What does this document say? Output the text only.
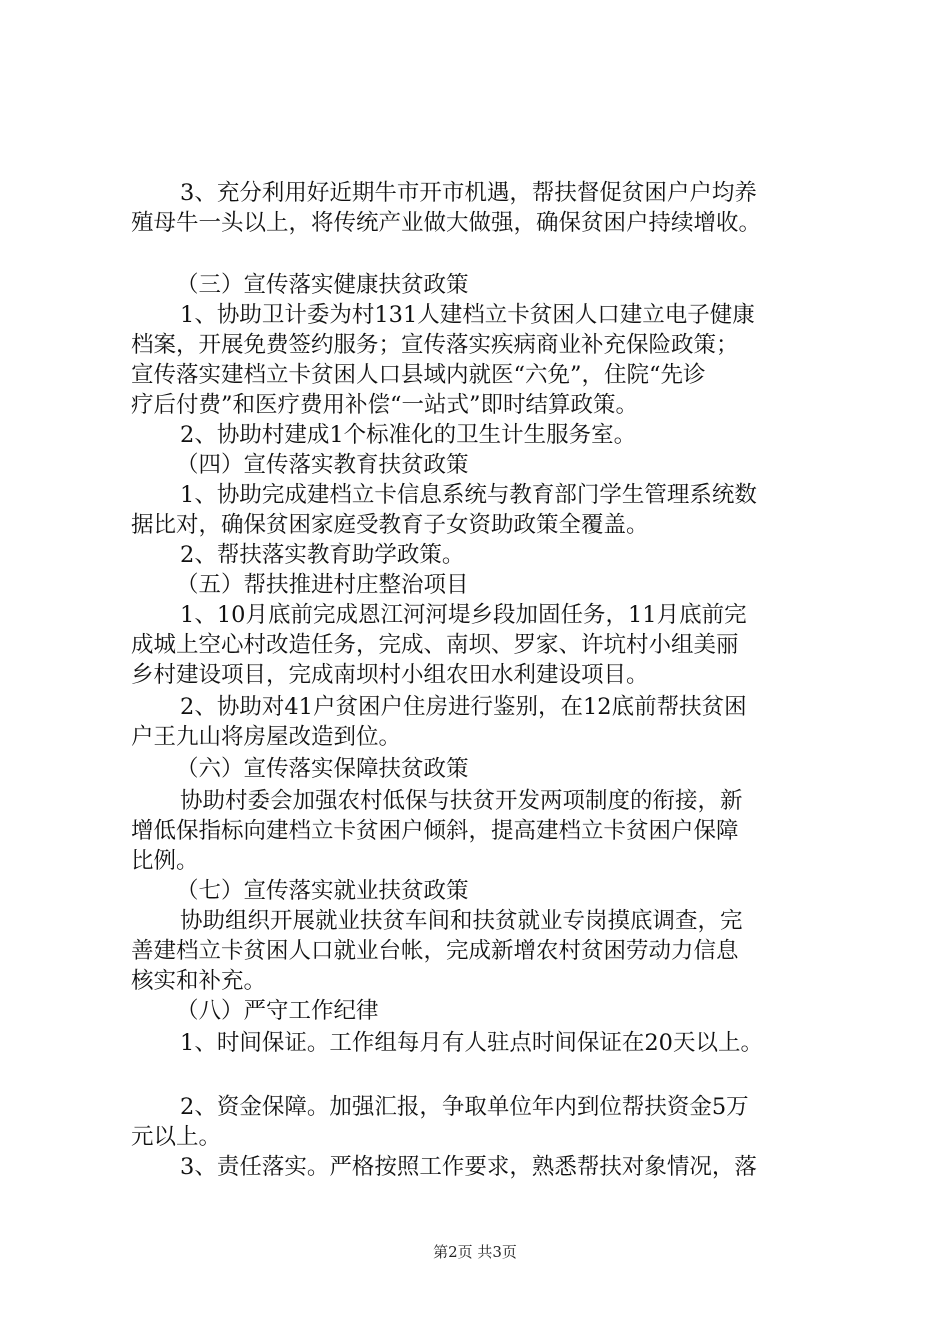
3、充分利用好近期牛市开市机遇，帮扶督促贫困户户均养

殖母牛一头以上，将传统产业做大做强，确保贫困户持续增收。

（三）宣传落实健康扶贫政策

1、协助卫计委为村131人建档立卡贫困人口建立电子健康

档案，开展免费签约服务；宣传落实疾病商业补充保险政策；

宣传落实建档立卡贫困人口县域内就医“六免”，住院“先诊

疗后付费”和医疗费用补偿“一站式”即时结算政策。

2、协助村建成1个标准化的卫生计生服务室。

（四）宣传落实教育扶贫政策

1、协助完成建档立卡信息系统与教育部门学生管理系统数

据比对，确保贫困家庭受教育子女资助政策全覆盖。

2、帮扶落实教育助学政策。

（五）帮扶推进村庄整治项目

1、10月底前完成恩江河河堤乡段加固任务，11月底前完

成城上空心村改造任务，完成、南坝、罗家、许坑村小组美丽

乡村建设项目，完成南坝村小组农田水利建设项目。

2、协助对41户贫困户住房进行鉴别，在12底前帮扶贫困

户王九山将房屋改造到位。

（六）宣传落实保障扶贫政策

协助村委会加强农村低保与扶贫开发两项制度的衔接，新

增低保指标向建档立卡贫困户倾斜，提高建档立卡贫困户保障

比例。

（七）宣传落实就业扶贫政策

协助组织开展就业扶贫车间和扶贫就业专岗摸底调查，完

善建档立卡贫困人口就业台帐，完成新增农村贫困劳动力信息

核实和补充。

（八）严守工作纪律

1、时间保证。工作组每月有人驻点时间保证在20天以上。

2、资金保障。加强汇报，争取单位年内到位帮扶资金5万

元以上。

3、责任落实。严格按照工作要求，熟悉帮扶对象情况，落

第2页 共3页
